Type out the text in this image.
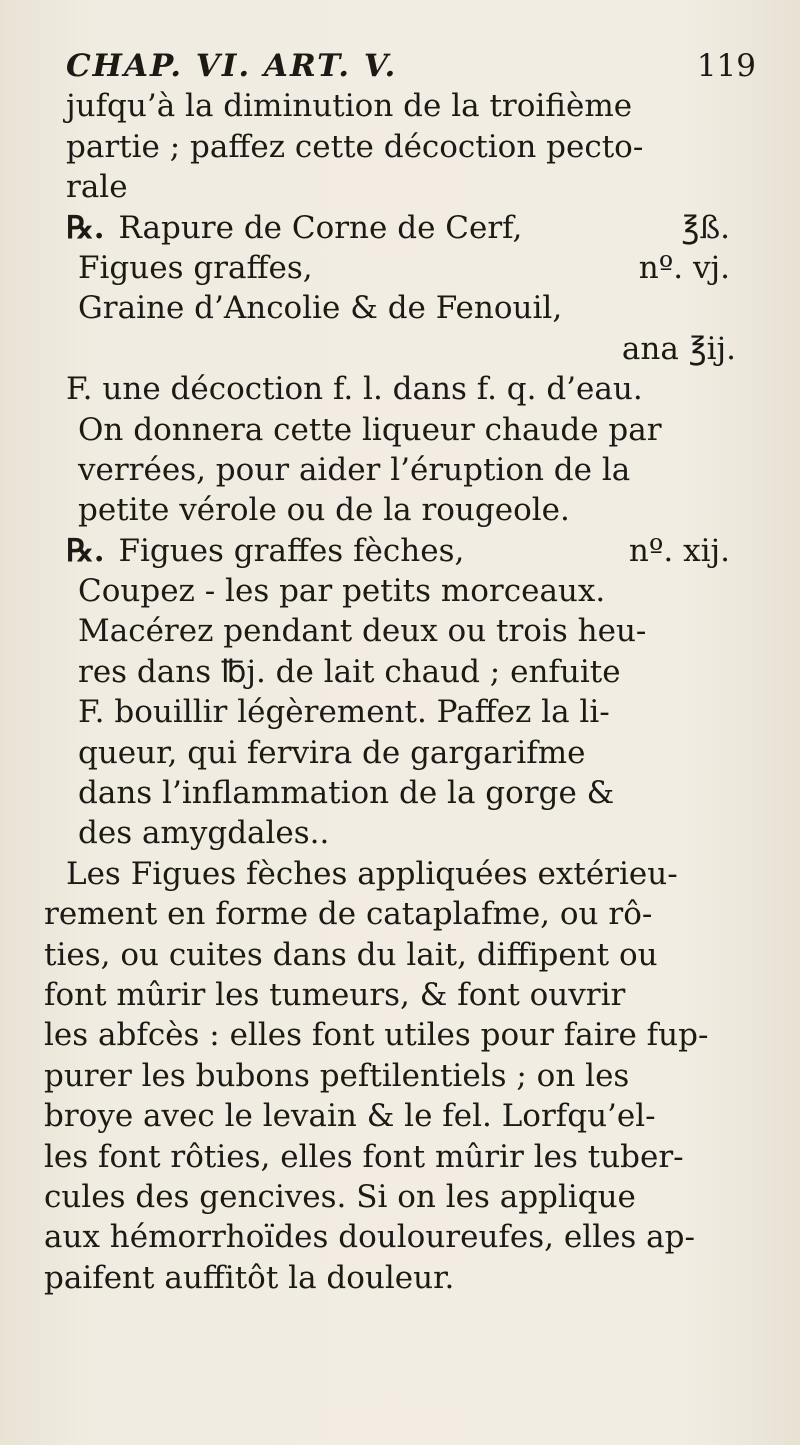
CHAP. VI. ART. V.	119
jufqu’à la diminution de la troifième
partie ; paffez cette décoction pecto-
rale
℞. Rapure de Corne de Cerf,	℥ß.
Figues graffes,	nº. vj.
Graine d’Ancolie & de Fenouil,
ana ℥ij.
F. une décoction f. l. dans f. q. d’eau.
On donnera cette liqueur chaude par
verrées, pour aider l’éruption de la
petite vérole ou de la rougeole.
℞. Figues graffes fèches,	nº. xij.
Coupez - les par petits morceaux.
Macérez pendant deux ou trois heu-
res dans ℔j. de lait chaud ; enfuite
F. bouillir légèrement. Paffez la li-
queur, qui fervira de gargarifme
dans l’inflammation de la gorge &
des amygdales..
Les Figues fèches appliquées extérieu-
rement en forme de cataplafme, ou rô-
ties, ou cuites dans du lait, diffipent ou
font mûrir les tumeurs, & font ouvrir
les abfcès : elles font utiles pour faire fup-
purer les bubons peftilentiels ; on les
broye avec le levain & le fel. Lorfqu’el-
les font rôties, elles font mûrir les tuber-
cules des gencives. Si on les applique
aux hémorrhoïdes douloureufes, elles ap-
paifent auffitôt la douleur.
